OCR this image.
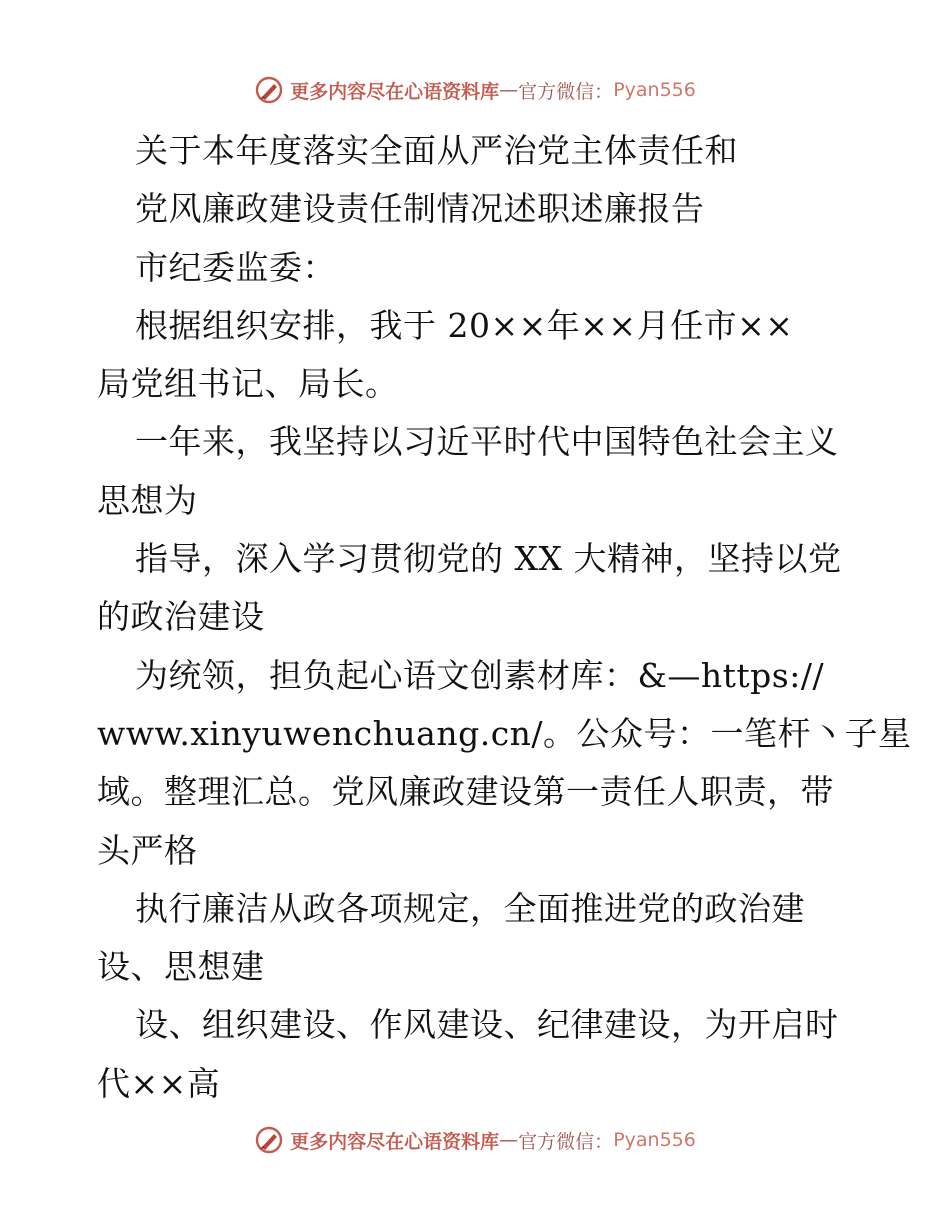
更多内容尽在心语资料库 — 官方微信： Pyan556
关于本年度落实全面从严治党主体责任和
党风廉政建设责任制情况述职述廉报告
市纪委监委：
根据组织安排，我于 20××年××月任市××
局党组书记、局长。
一年来，我坚持以习近平时代中国特色社会主义
思想为
指导，深入学习贯彻党的 XX 大精神，坚持以党
的政治建设
为统领，担负起心语文创素材库：&—https://
www.xinyuwenchuang.cn/。公众号：一笔杆丶子星
域。整理汇总。党风廉政建设第一责任人职责，带
头严格
执行廉洁从政各项规定，全面推进党的政治建
设、思想建
设、组织建设、作风建设、纪律建设，为开启时
代××高
更多内容尽在心语资料库 — 官方微信： Pyan556
